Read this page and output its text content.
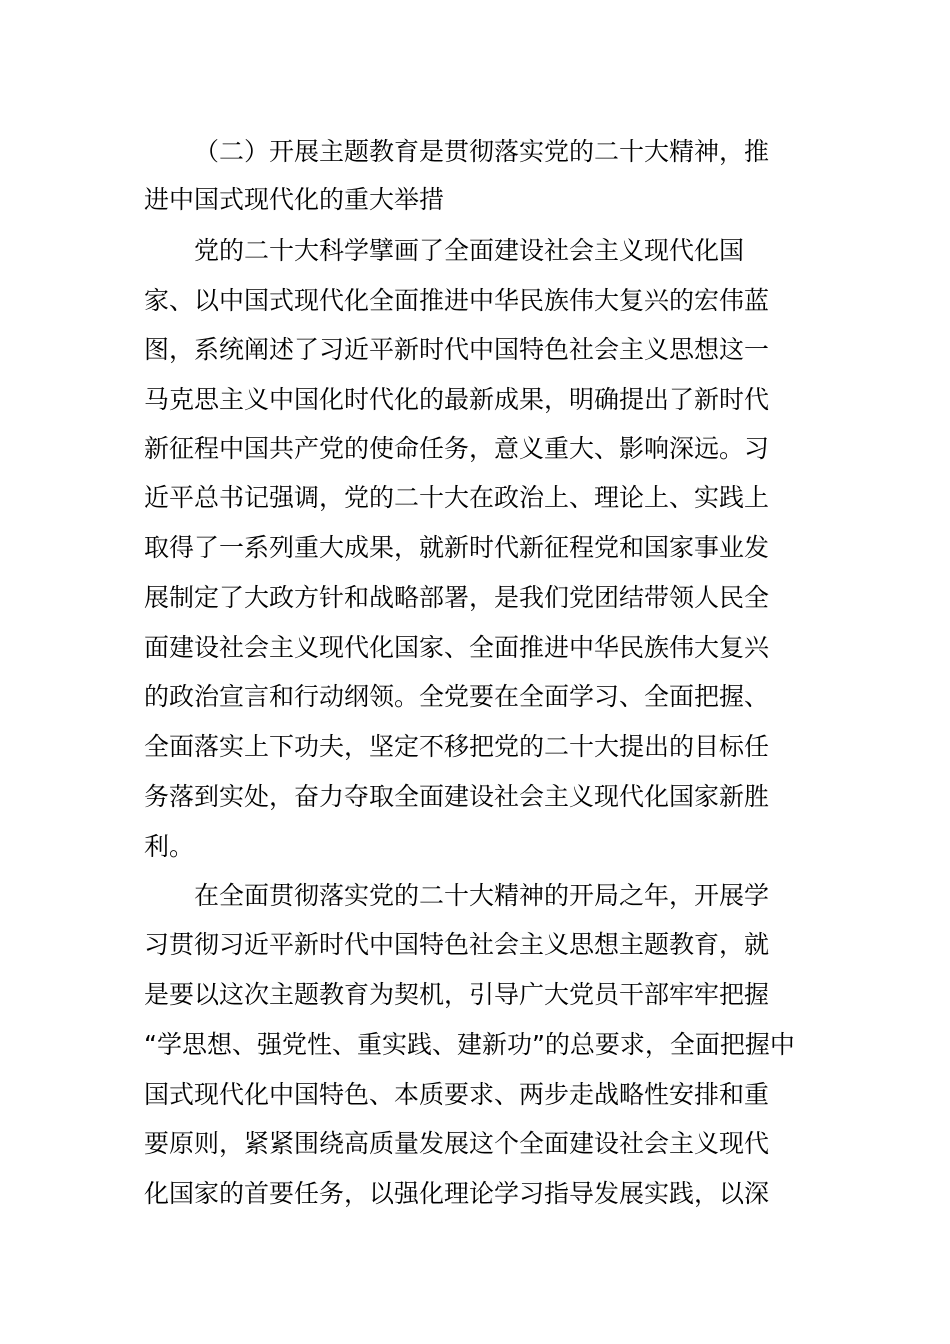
（二）开展主题教育是贯彻落实党的二十大精神，推
进中国式现代化的重大举措
党的二十大科学擘画了全面建设社会主义现代化国
家、以中国式现代化全面推进中华民族伟大复兴的宏伟蓝
图，系统阐述了习近平新时代中国特色社会主义思想这一
马克思主义中国化时代化的最新成果，明确提出了新时代
新征程中国共产党的使命任务，意义重大、影响深远。习
近平总书记强调，党的二十大在政治上、理论上、实践上
取得了一系列重大成果，就新时代新征程党和国家事业发
展制定了大政方针和战略部署，是我们党团结带领人民全
面建设社会主义现代化国家、全面推进中华民族伟大复兴
的政治宣言和行动纲领。全党要在全面学习、全面把握、
全面落实上下功夫，坚定不移把党的二十大提出的目标任
务落到实处，奋力夺取全面建设社会主义现代化国家新胜
利。
在全面贯彻落实党的二十大精神的开局之年，开展学
习贯彻习近平新时代中国特色社会主义思想主题教育，就
是要以这次主题教育为契机，引导广大党员干部牢牢把握
“学思想、强党性、重实践、建新功”的总要求，全面把握中
国式现代化中国特色、本质要求、两步走战略性安排和重
要原则，紧紧围绕高质量发展这个全面建设社会主义现代
化国家的首要任务，以强化理论学习指导发展实践，以深
